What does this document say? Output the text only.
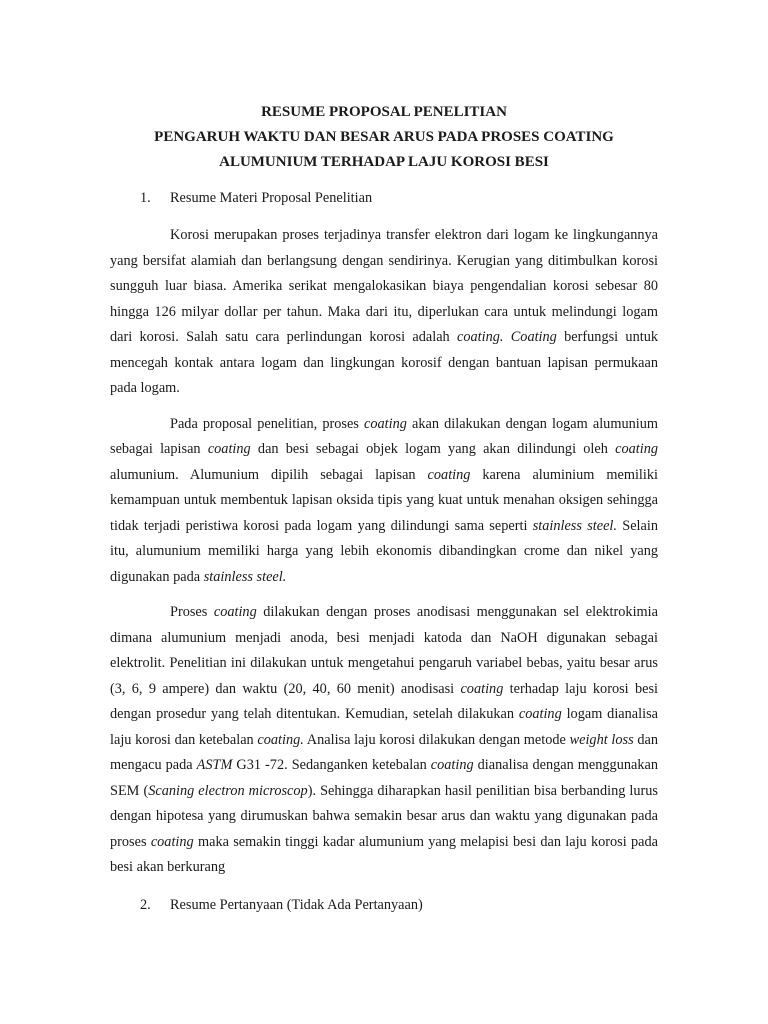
RESUME PROPOSAL PENELITIAN
PENGARUH WAKTU DAN BESAR ARUS PADA PROSES COATING
ALUMUNIUM TERHADAP LAJU KOROSI BESI
1.	Resume Materi Proposal Penelitian

Korosi merupakan proses terjadinya transfer elektron dari logam ke lingkungannya yang bersifat alamiah dan berlangsung dengan sendirinya. Kerugian yang ditimbulkan korosi sungguh luar biasa. Amerika serikat mengalokasikan biaya pengendalian korosi sebesar 80 hingga 126 milyar dollar per tahun. Maka dari itu, diperlukan cara untuk melindungi logam dari korosi. Salah satu cara perlindungan korosi adalah coating. Coating berfungsi untuk mencegah kontak antara logam dan lingkungan korosif dengan bantuan lapisan permukaan pada logam.

Pada proposal penelitian, proses coating akan dilakukan dengan logam alumunium sebagai lapisan coating dan besi sebagai objek logam yang akan dilindungi oleh coating alumunium. Alumunium dipilih sebagai lapisan coating karena aluminium memiliki kemampuan untuk membentuk lapisan oksida tipis yang kuat untuk menahan oksigen sehingga tidak terjadi peristiwa korosi pada logam yang dilindungi sama seperti stainless steel. Selain itu, alumunium memiliki harga yang lebih ekonomis dibandingkan crome dan nikel yang digunakan pada stainless steel.

Proses coating dilakukan dengan proses anodisasi menggunakan sel elektrokimia dimana alumunium menjadi anoda, besi menjadi katoda dan NaOH digunakan sebagai elektrolit. Penelitian ini dilakukan untuk mengetahui pengaruh variabel bebas, yaitu besar arus (3, 6, 9 ampere) dan waktu (20, 40, 60 menit) anodisasi coating terhadap laju korosi besi dengan prosedur yang telah ditentukan. Kemudian, setelah dilakukan coating logam dianalisa laju korosi dan ketebalan coating. Analisa laju korosi dilakukan dengan metode weight loss dan mengacu pada ASTM G31 -72. Sedanganken ketebalan coating dianalisa dengan menggunakan SEM (Scaning electron microscop). Sehingga diharapkan hasil penilitian bisa berbanding lurus dengan hipotesa yang dirumuskan bahwa semakin besar arus dan waktu yang digunakan pada proses coating maka semakin tinggi kadar alumunium yang melapisi besi dan laju korosi pada besi akan berkurang

2.	Resume Pertanyaan (Tidak Ada Pertanyaan)
